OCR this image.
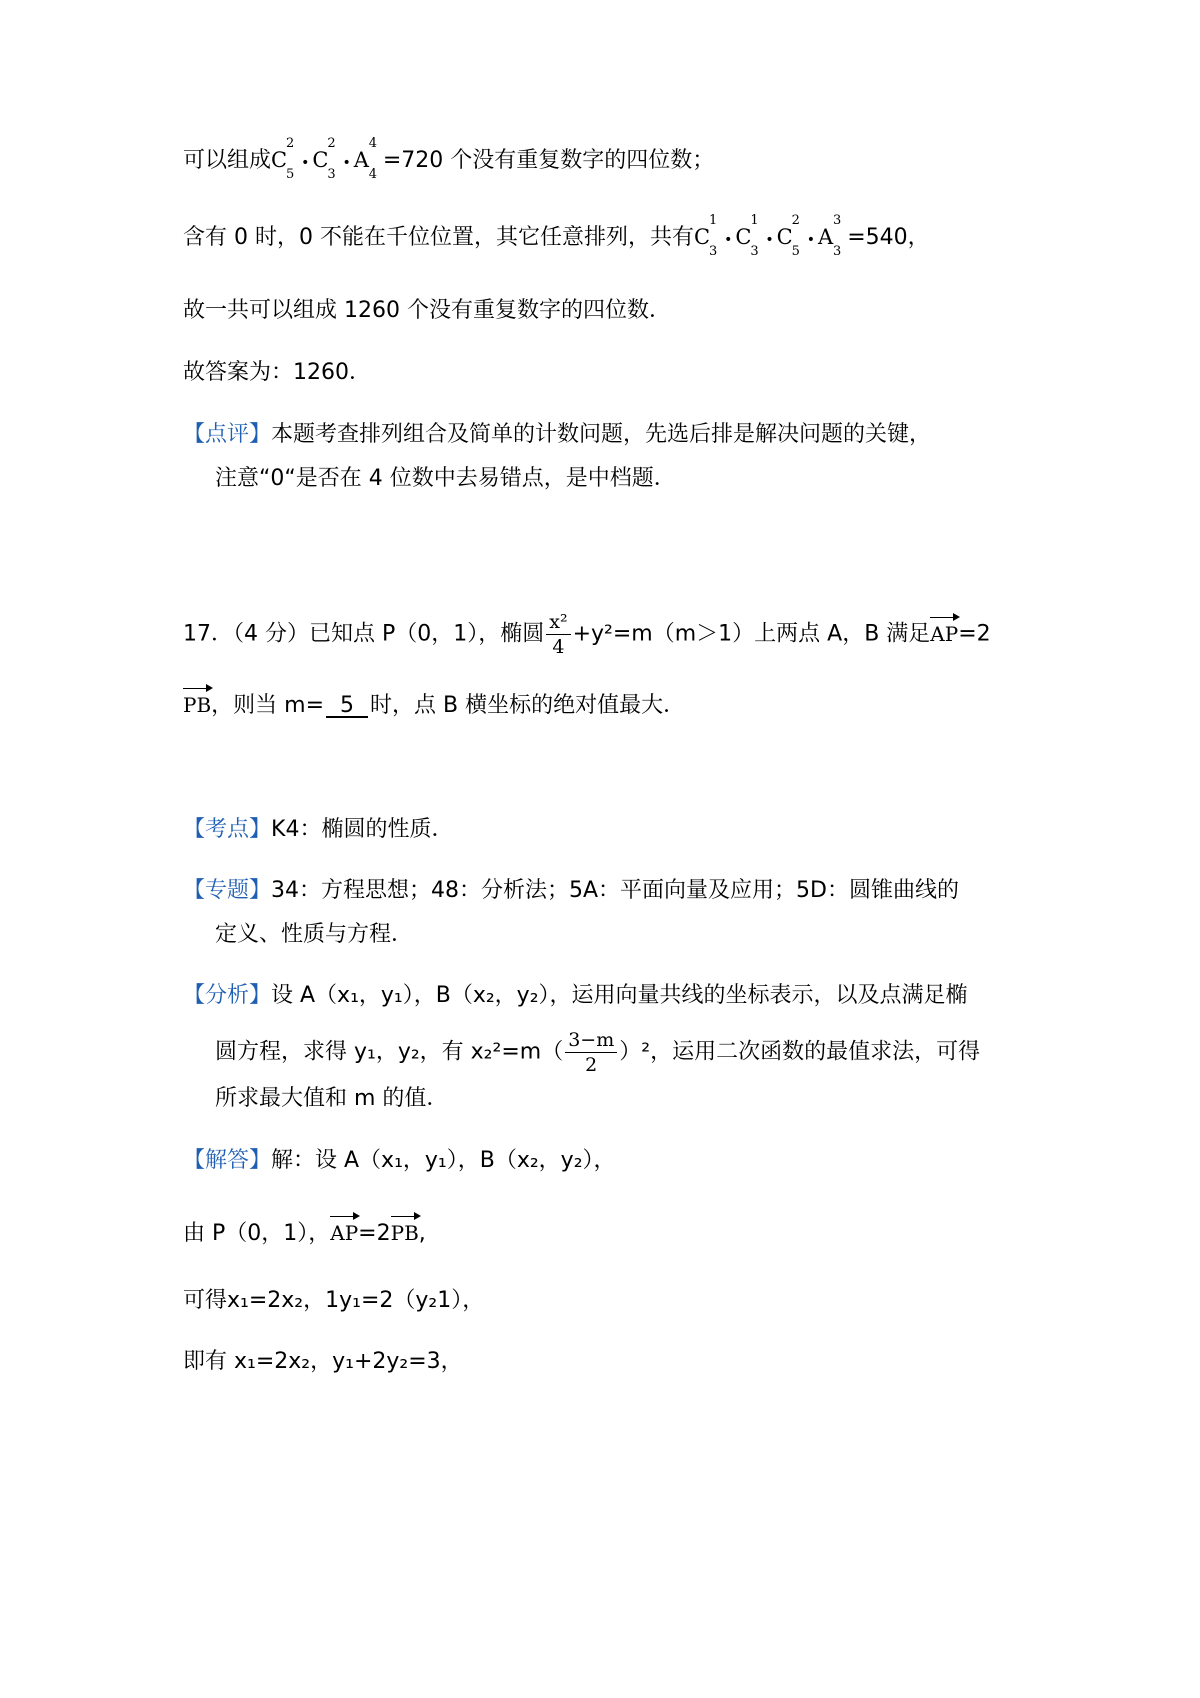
可以组成C
2
5
• C
2
3
• A
4
4
=720 个没有重复数字的四位数；
含有 0 时，0 不能在千位位置，其它任意排列，共有C
1
3
• C
1
3
• C
2
5
• A
3
3
=540，
故一共可以组成 1260 个没有重复数字的四位数．
故答案为：1260．
【点评】本题考查排列组合及简单的计数问题，先选后排是解决问题的关键，
注意“0“是否在 4 位数中去易错点，是中档题．
17．（4 分）已知点 P（0，1），椭圆 $\frac{\text{x²}}{4} +y^2=m(m>1)$上两点 A，B 满足AP=2
PB，则当 m=  5  时，点 B 横坐标的绝对值最大．
【考点】K4：椭圆的性质．
【专题】34：方程思想；48：分析法；5A：平面向量及应用；5D：圆锥曲线的
定义、性质与方程．
【分析】设 A（x₁，y₁），B（x₂，y₂），运用向量共线的坐标表示，以及点满足椭
圆方程，求得 y₁，y₂，有 $x_2^2=m( \frac{3-m}{2} )^2$，运用二次函数的最值求法，可得
所求最大值和 m 的值．
【解答】解：设 A（x₁，y₁），B（x₂，y₂），
由 P（0，1），AP=2PB,
可得x₁=2x₂，1y₁=2（y₂1），
即有 x₁=2x₂，y₁+2y₂=3，
